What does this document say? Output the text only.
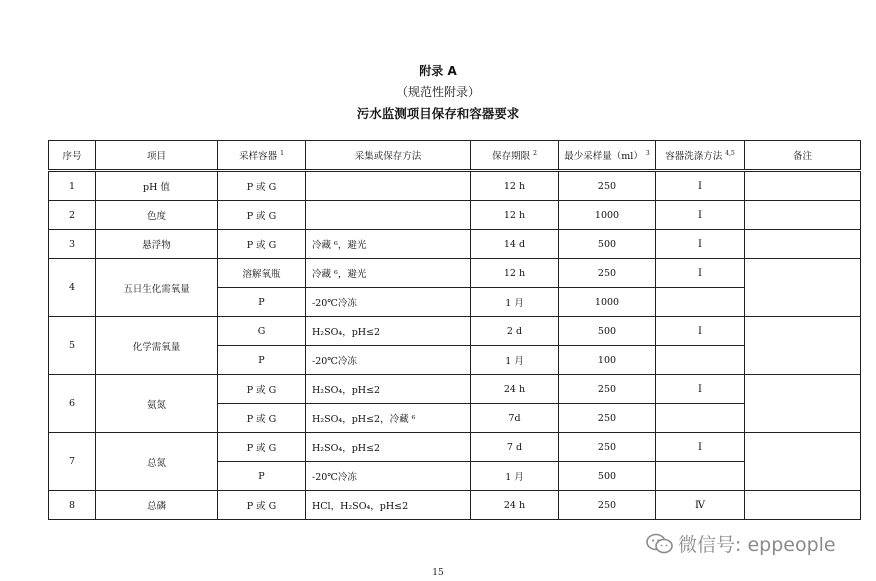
附录 A
（规范性附录）
污水监测项目保存和容器要求
序号	项目	采样容器 $^1$	采集或保存方法	保存期限 $^2$	最少采样量（ml） $^3$	容器洗涤方法 $^{4,5}$	备注
1	pH 值	P 或 G		12 h	250	Ⅰ	
2	色度	P 或 G		12 h	1000	Ⅰ	
3	悬浮物	P 或 G	冷藏 ⁶，避光	14 d	500	Ⅰ	
4	五日生化需氧量	溶解氧瓶	冷藏 ⁶，避光	12 h	250	Ⅰ	
		P	-20℃冷冻	1 月	1000		
5	化学需氧量	G	H₂SO₄，pH≤2	2 d	500	Ⅰ	
		P	-20℃冷冻	1 月	100		
6	氨氮	P 或 G	H₂SO₄，pH≤2	24 h	250	Ⅰ	
		P 或 G	H₂SO₄，pH≤2，冷藏 ⁶	7d	250		
7	总氮	P 或 G	H₂SO₄，pH≤2	7 d	250	Ⅰ	
		P	-20℃冷冻	1 月	500		
8	总磷	P 或 G	HCl，H₂SO₄，pH≤2	24 h	250	Ⅳ	
微信号: eppeople
15
